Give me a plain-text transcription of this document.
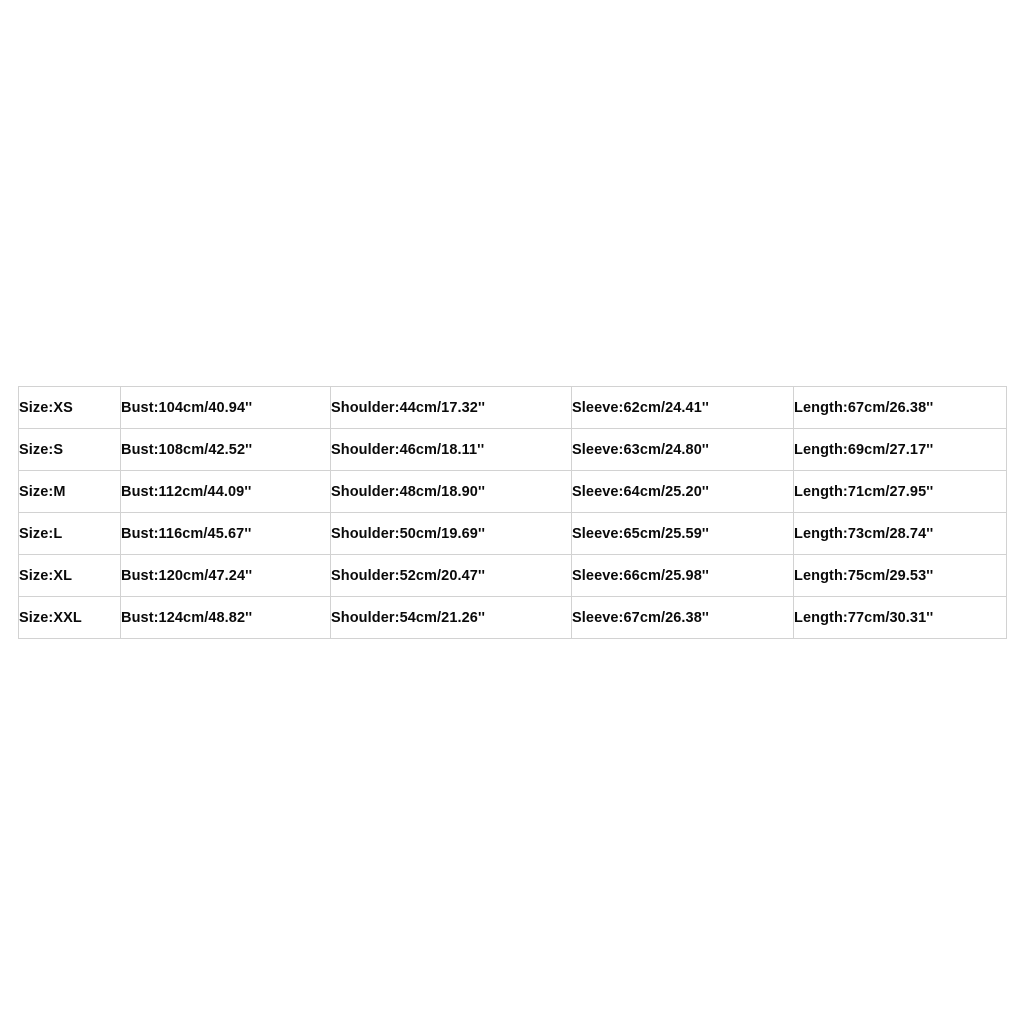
Size:XS	Bust:104cm/40.94''	Shoulder:44cm/17.32''	Sleeve:62cm/24.41''	Length:67cm/26.38''
Size:S	Bust:108cm/42.52''	Shoulder:46cm/18.11''	Sleeve:63cm/24.80''	Length:69cm/27.17''
Size:M	Bust:112cm/44.09''	Shoulder:48cm/18.90''	Sleeve:64cm/25.20''	Length:71cm/27.95''
Size:L	Bust:116cm/45.67''	Shoulder:50cm/19.69''	Sleeve:65cm/25.59''	Length:73cm/28.74''
Size:XL	Bust:120cm/47.24''	Shoulder:52cm/20.47''	Sleeve:66cm/25.98''	Length:75cm/29.53''
Size:XXL	Bust:124cm/48.82''	Shoulder:54cm/21.26''	Sleeve:67cm/26.38''	Length:77cm/30.31''
